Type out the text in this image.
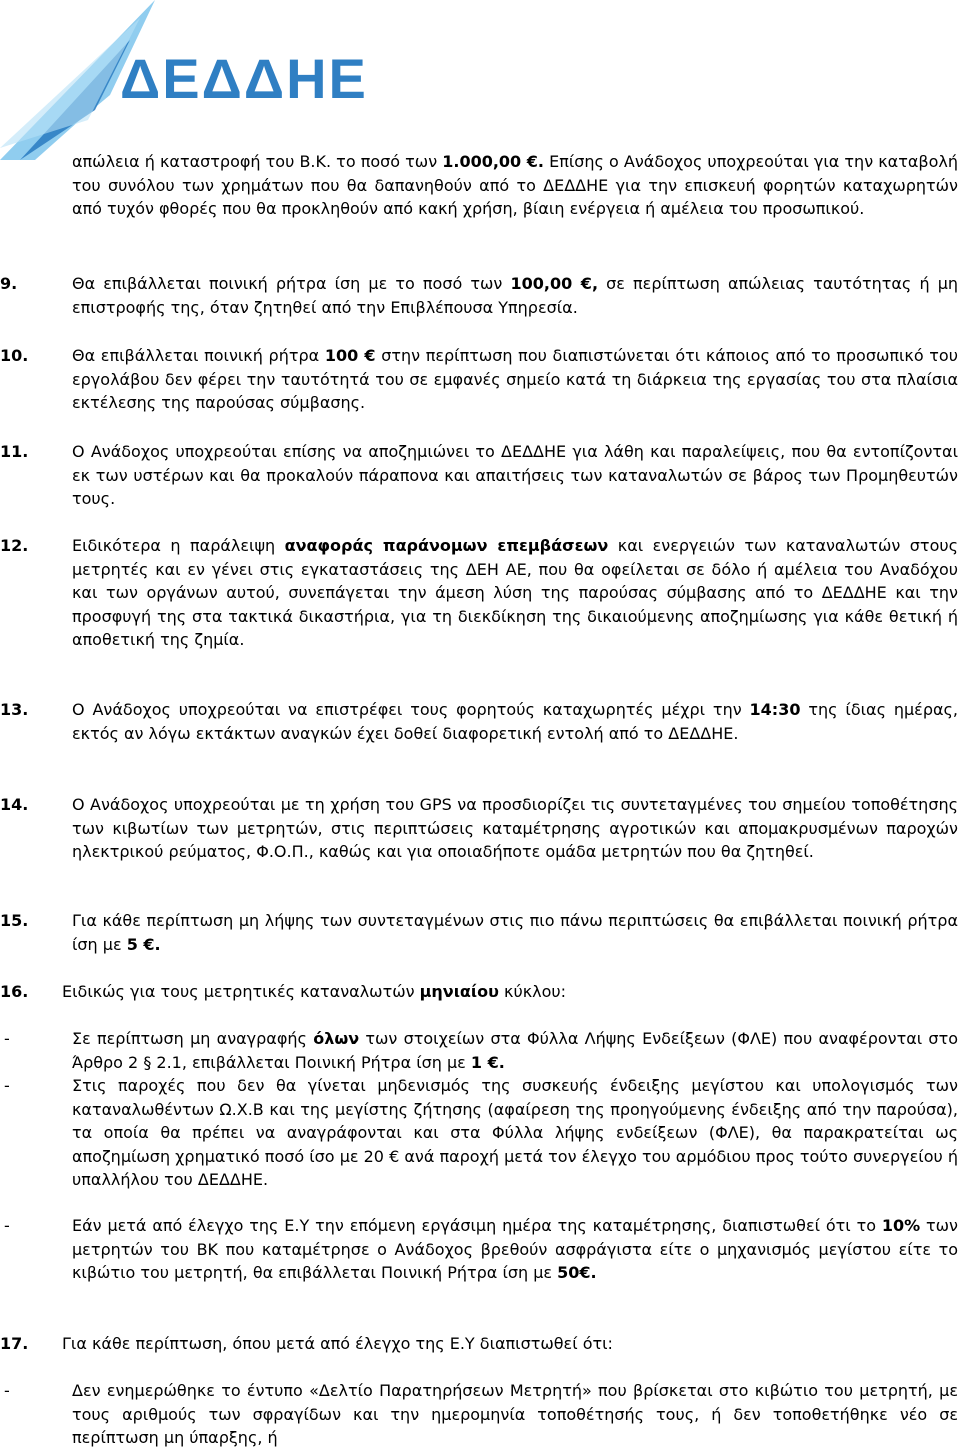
ΔΕΔΔΗΕ
απώλεια ή καταστροφή του Β.Κ. το ποσό των 1.000,00 €. Επίσης ο Ανάδοχος υποχρεούται για την καταβολή του συνόλου των χρημάτων που θα δαπανηθούν από το ΔΕΔΔΗΕ για την επισκευή φορητών καταχωρητών από τυχόν φθορές που θα προκληθούν από κακή χρήση, βίαιη ενέργεια ή αμέλεια του προσωπικού.
9.	Θα επιβάλλεται ποινική ρήτρα ίση με το ποσό των 100,00 €, σε περίπτωση απώλειας ταυτότητας ή μη επιστροφής της, όταν ζητηθεί από την Επιβλέπουσα Υπηρεσία.
10.	Θα επιβάλλεται ποινική ρήτρα 100 € στην περίπτωση που διαπιστώνεται ότι κάποιος από το προσωπικό του εργολάβου δεν φέρει την ταυτότητά του σε εμφανές σημείο κατά τη διάρκεια της εργασίας του στα πλαίσια εκτέλεσης της παρούσας σύμβασης.
11.	Ο Ανάδοχος υποχρεούται επίσης να αποζημιώνει το ΔΕΔΔΗΕ για λάθη και παραλείψεις, που θα εντοπίζονται εκ των υστέρων και θα προκαλούν πάραπονα και απαιτήσεις των καταναλωτών σε βάρος των Προμηθευτών τους.
12.	Ειδικότερα η παράλειψη αναφοράς παράνομων επεμβάσεων και ενεργειών των καταναλωτών στους μετρητές και εν γένει στις εγκαταστάσεις της ΔΕΗ ΑΕ, που θα οφείλεται σε δόλο ή αμέλεια του Αναδόχου και των οργάνων αυτού, συνεπάγεται την άμεση λύση της παρούσας σύμβασης από το ΔΕΔΔΗΕ και την προσφυγή της στα τακτικά δικαστήρια, για τη διεκδίκηση της δικαιούμενης αποζημίωσης για κάθε θετική ή αποθετική της ζημία.
13.	Ο Ανάδοχος υποχρεούται να επιστρέφει τους φορητούς καταχωρητές μέχρι την 14:30 της ίδιας ημέρας, εκτός αν λόγω εκτάκτων αναγκών έχει δοθεί διαφορετική εντολή από το ΔΕΔΔΗΕ.
14.	Ο Ανάδοχος υποχρεούται με τη χρήση του GPS να προσδιορίζει τις συντεταγμένες του σημείου τοποθέτησης των κιβωτίων των μετρητών, στις περιπτώσεις καταμέτρησης αγροτικών και απομακρυσμένων παροχών ηλεκτρικού ρεύματος, Φ.Ο.Π., καθώς και για οποιαδήποτε ομάδα μετρητών που θα ζητηθεί.
15.	Για κάθε περίπτωση μη λήψης των συντεταγμένων στις πιο πάνω περιπτώσεις θα επιβάλλεται ποινική ρήτρα ίση με 5 €.
16. Ειδικώς για τους μετρητικές καταναλωτών μηνιαίου κύκλου:
-	Σε περίπτωση μη αναγραφής όλων των στοιχείων στα Φύλλα Λήψης Ενδείξεων (ΦΛΕ) που αναφέρονται στο Άρθρο 2 § 2.1, επιβάλλεται Ποινική Ρήτρα ίση με 1 €.
-	Στις παροχές που δεν θα γίνεται μηδενισμός της συσκευής ένδειξης μεγίστου και υπολογισμός των καταναλωθέντων Ω.Χ.Β και της μεγίστης ζήτησης (αφαίρεση της προηγούμενης ένδειξης από την παρούσα), τα οποία θα πρέπει να αναγράφονται και στα Φύλλα λήψης ενδείξεων (ΦΛΕ), θα παρακρατείται ως αποζημίωση χρηματικό ποσό ίσο με 20 € ανά παροχή μετά τον έλεγχο του αρμόδιου προς τούτο συνεργείου ή υπαλλήλου του ΔΕΔΔΗΕ.
-	Εάν μετά από έλεγχο της Ε.Υ την επόμενη εργάσιμη ημέρα της καταμέτρησης, διαπιστωθεί ότι το 10% των μετρητών του ΒΚ που καταμέτρησε ο Ανάδοχος βρεθούν ασφράγιστα είτε ο μηχανισμός μεγίστου είτε το κιβώτιο του μετρητή, θα επιβάλλεται Ποινική Ρήτρα ίση με 50€.
17. Για κάθε περίπτωση, όπου μετά από έλεγχο της Ε.Υ διαπιστωθεί ότι:
-	Δεν ενημερώθηκε το έντυπο «Δελτίο Παρατηρήσεων Μετρητή» που βρίσκεται στο κιβώτιο του μετρητή, με τους αριθμούς των σφραγίδων και την ημερομηνία τοποθέτησής τους, ή δεν τοποθετήθηκε νέο σε περίπτωση μη ύπαρξης, ή
